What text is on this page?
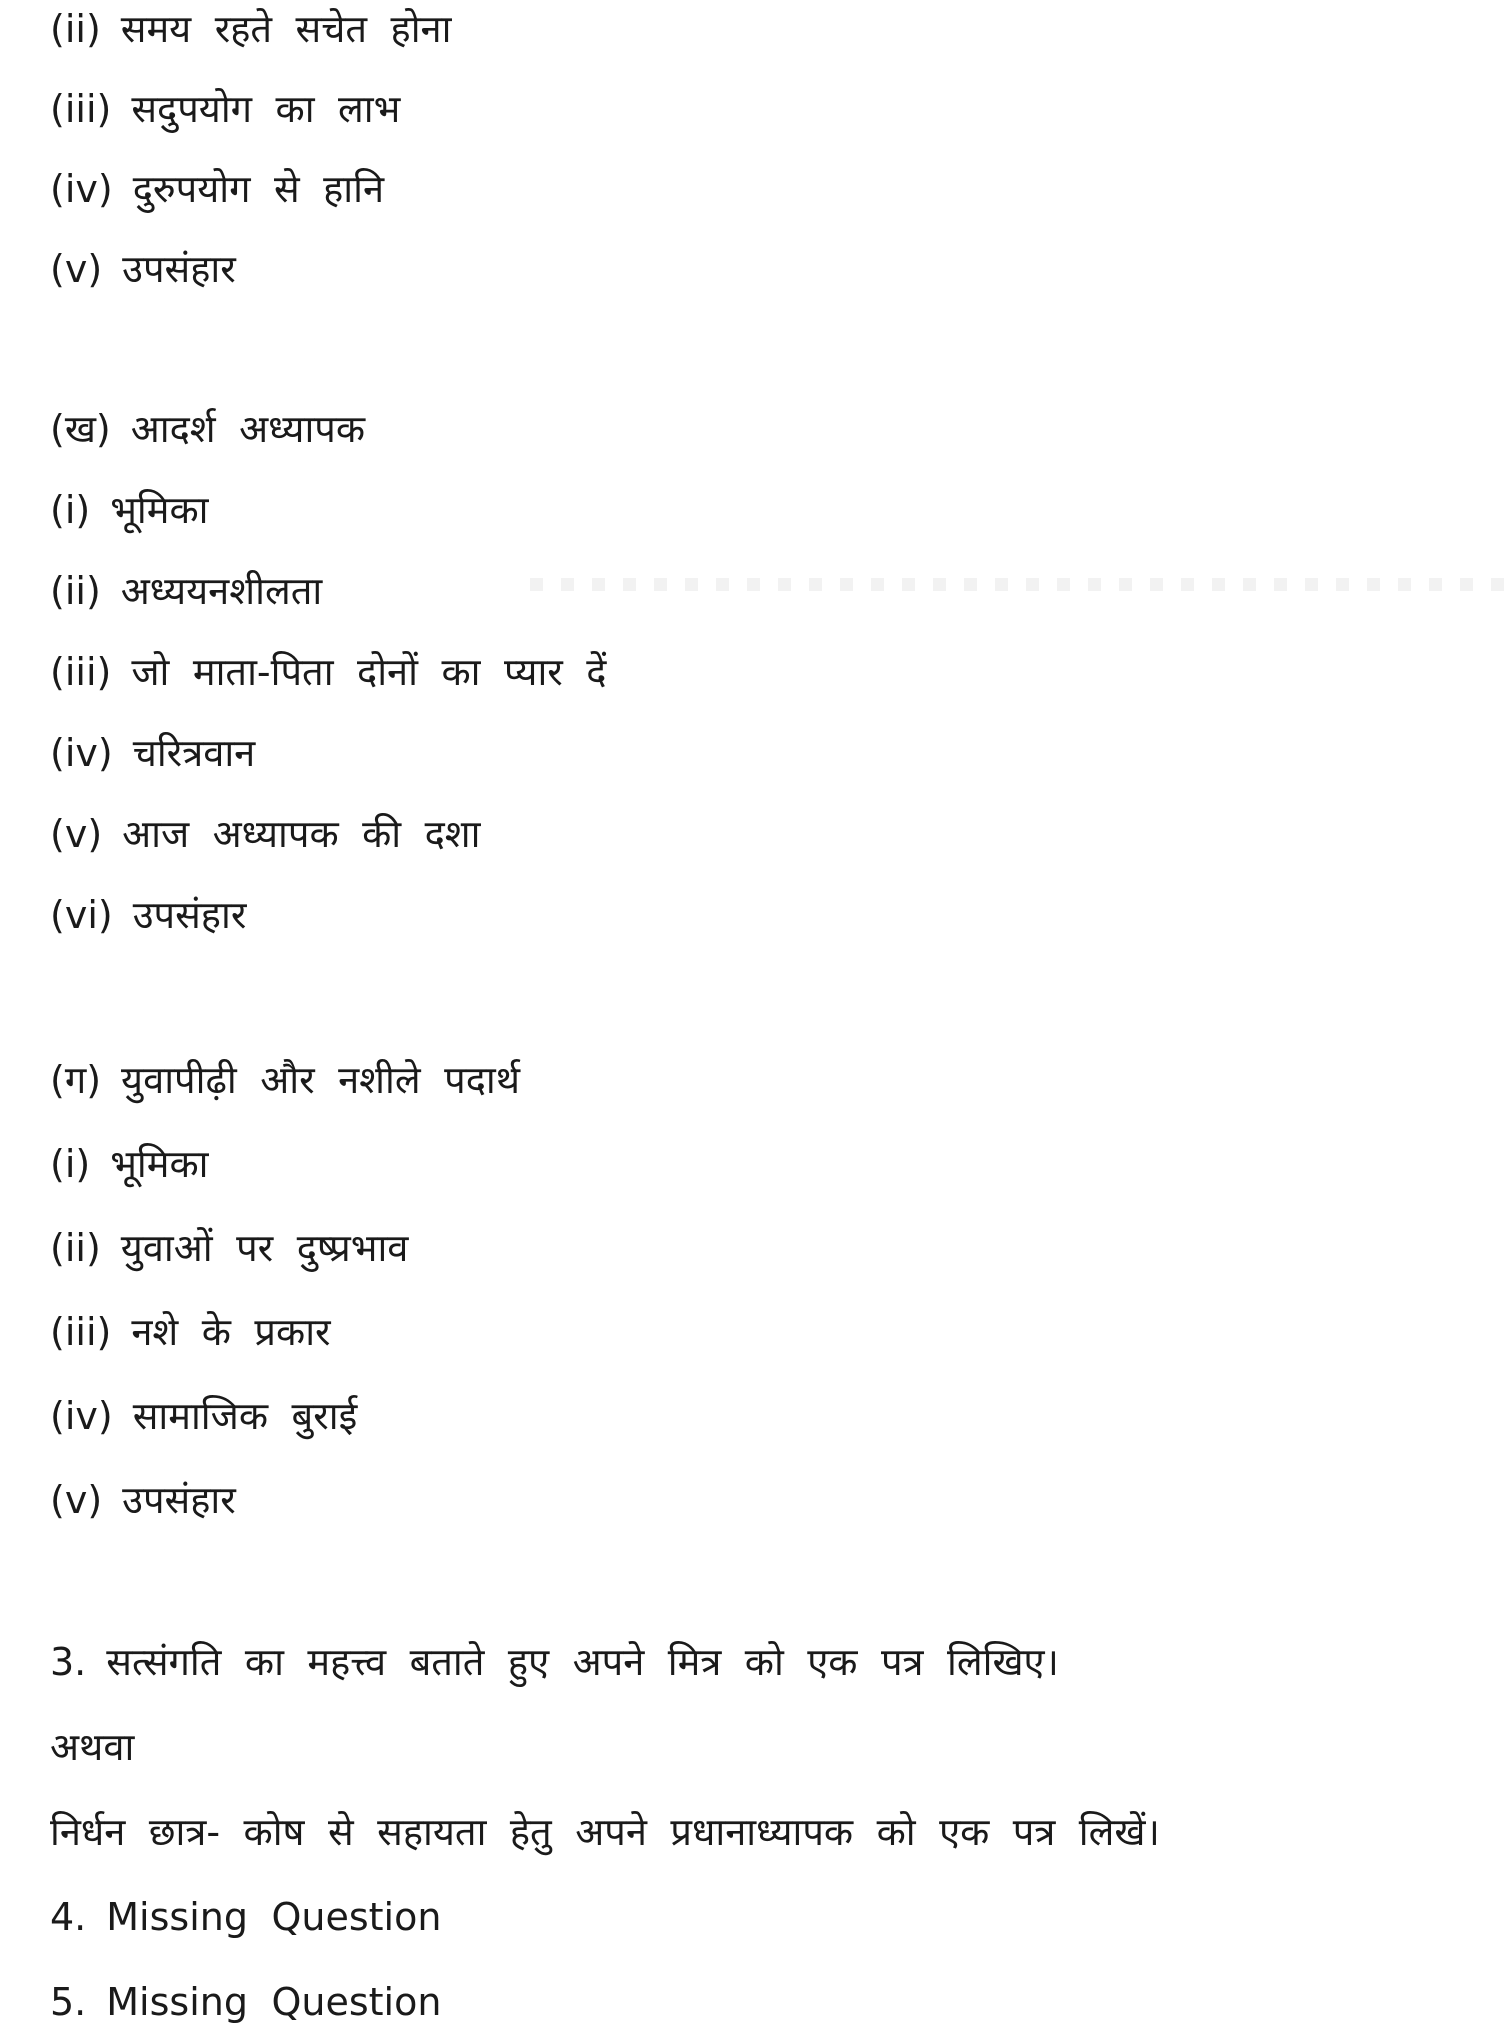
(ii) समय रहते सचेत होना
(iii) सदुपयोग का लाभ
(iv) दुरुपयोग से हानि
(v) उपसंहार
(ख) आदर्श अध्यापक
(i) भूमिका
(ii) अध्ययनशीलता
(iii) जो माता-पिता दोनों का प्यार दें
(iv) चरित्रवान
(v) आज अध्यापक की दशा
(vi) उपसंहार
(ग) युवापीढ़ी और नशीले पदार्थ
(i) भूमिका
(ii) युवाओं पर दुष्प्रभाव
(iii) नशे के प्रकार
(iv) सामाजिक बुराई
(v) उपसंहार
3. सत्संगति का महत्त्व बताते हुए अपने मित्र को एक पत्र लिखिए।
अथवा
निर्धन छात्र- कोष से सहायता हेतु अपने प्रधानाध्यापक को एक पत्र लिखें।
4. Missing Question
5. Missing Question
